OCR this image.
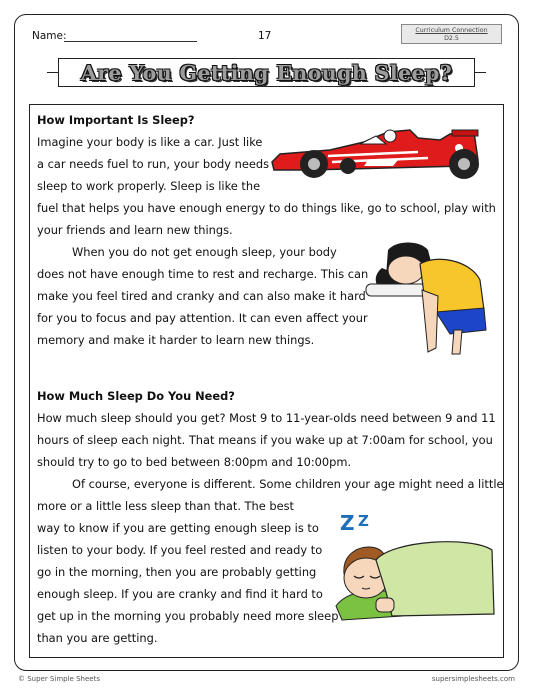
Name:	17	Curriculum Connection
D2.5
Are You Getting Enough Sleep?
How Important Is Sleep?
Imagine your body is like a car. Just like
a car needs fuel to run, your body needs
sleep to work properly. Sleep is like the
fuel that helps you have enough energy to do things like, go to school, play with
your friends and learn new things.
When you do not get enough sleep, your body
does not have enough time to rest and recharge. This can
make you feel tired and cranky and can also make it hard
for you to focus and pay attention. It can even affect your
memory and make it harder to learn new things.
How Much Sleep Do You Need?
How much sleep should you get? Most 9 to 11-year-olds need between 9 and 11
hours of sleep each night. That means if you wake up at 7:00am for school, you
should try to go to bed between 8:00pm and 10:00pm.
Of course, everyone is different. Some children your age might need a little
more or a little less sleep than that. The best
way to know if you are getting enough sleep is to
listen to your body. If you feel rested and ready to
go in the morning, then you are probably getting
enough sleep. If you are cranky and find it hard to
get up in the morning you probably need more sleep
than you are getting.
Z Z
© Super Simple Sheets	supersimplesheets.com
